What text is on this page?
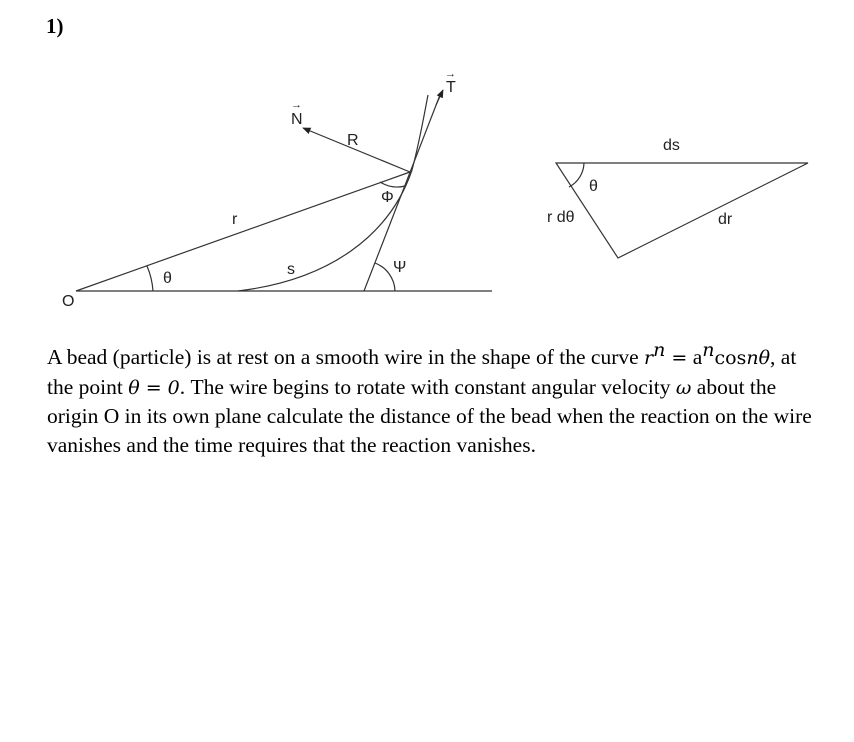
1)
O
θ
r
s	Ψ
Φ
R
N
→
T
→
ds
θ
r dθ	dr

A bead (particle) is at rest on a smooth wire in the shape of the curve $r^n = a^n\cos n\theta$, at the point θ = 0. The wire begins to rotate with constant angular velocity ω about the origin O in its own plane calculate the distance of the bead when the reaction on the wire vanishes and the time requires that the reaction vanishes.
